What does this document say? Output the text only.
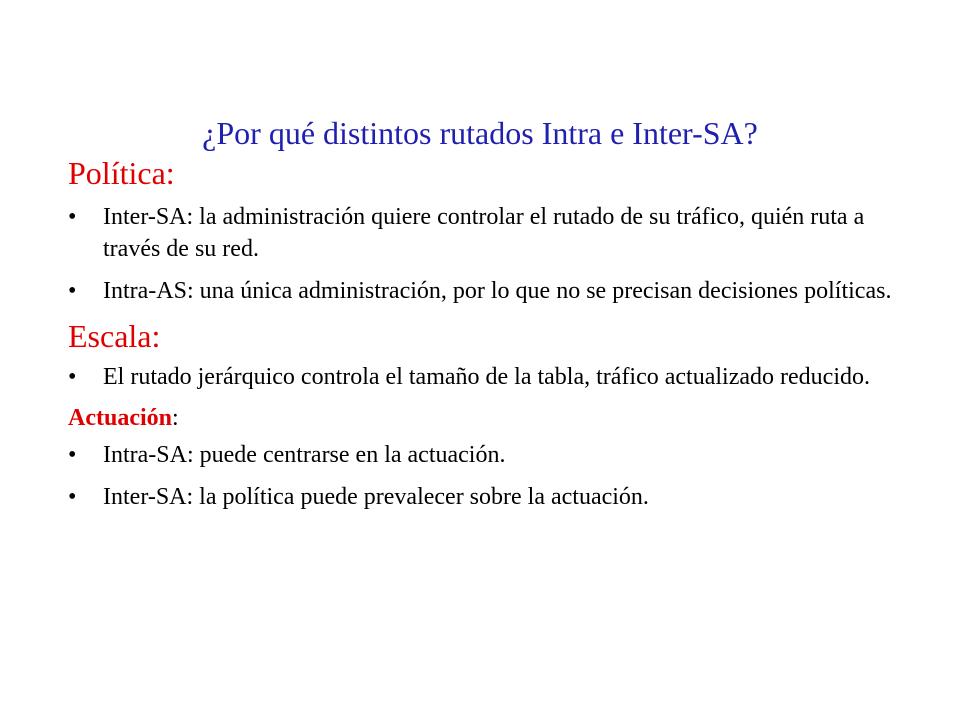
¿Por qué distintos rutados Intra e Inter-SA?

Política:

• Inter-SA: la administración quiere controlar el rutado de su tráfico, quién ruta a través de su red.
• Intra-AS: una única administración, por lo que no se precisan decisiones políticas.

Escala:

• El rutado jerárquico controla el tamaño de la tabla, tráfico actualizado reducido.

Actuación:

• Intra-SA: puede centrarse en la actuación.
• Inter-SA: la política puede prevalecer sobre la actuación.
